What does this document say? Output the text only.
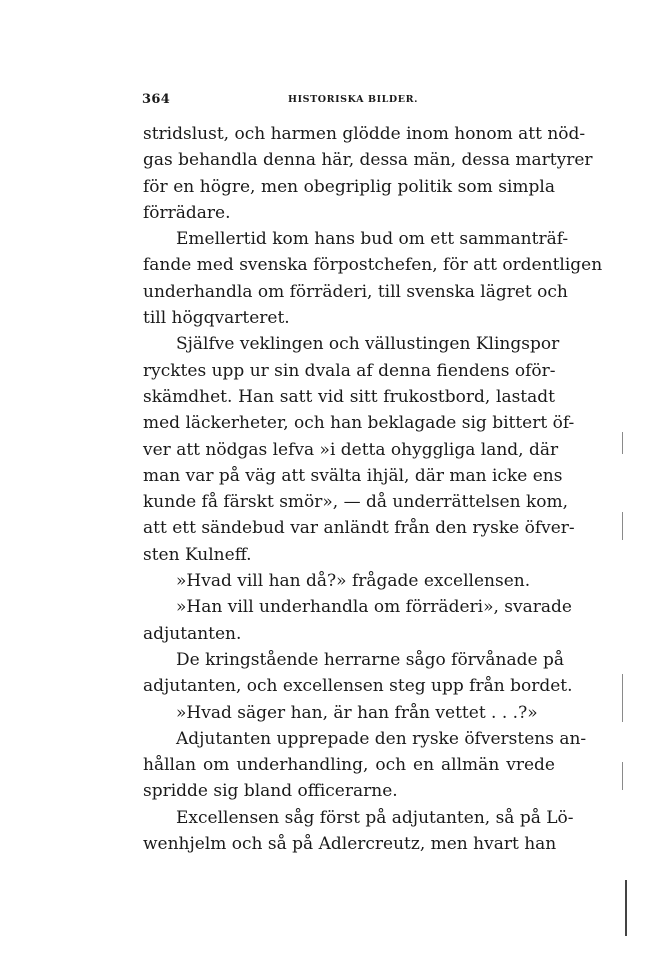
364	HISTORISKA BILDER.
stridslust, och harmen glödde inom honom att nöd-
gas behandla denna här, dessa män, dessa martyrer
för en högre, men obegriplig politik som simpla
förrädare.
Emellertid kom hans bud om ett sammanträf-
fande med svenska förpostchefen, för att ordentligen
underhandla om förräderi, till svenska lägret och
till högqvarteret.
Själfve veklingen och vällustingen Klingspor
rycktes upp ur sin dvala af denna fiendens oför-
skämdhet. Han satt vid sitt frukostbord, lastadt
med läckerheter, och han beklagade sig bittert öf-
ver att nödgas lefva »i detta ohyggliga land, där
man var på väg att svälta ihjäl, där man icke ens
kunde få färskt smör», — då underrättelsen kom,
att ett sändebud var anländt från den ryske öfver-
sten Kulneff.
»Hvad vill han då?» frågade excellensen.
»Han vill underhandla om förräderi», svarade
adjutanten.
De kringstående herrarne sågo förvånade på
adjutanten, och excellensen steg upp från bordet.
»Hvad säger han, är han från vettet . . .?»
Adjutanten upprepade den ryske öfverstens an-
hållan om underhandling, och en allmän vrede
spridde sig bland officerarne.
Excellensen såg först på adjutanten, så på Lö-
wenhjelm och så på Adlercreutz, men hvart han
